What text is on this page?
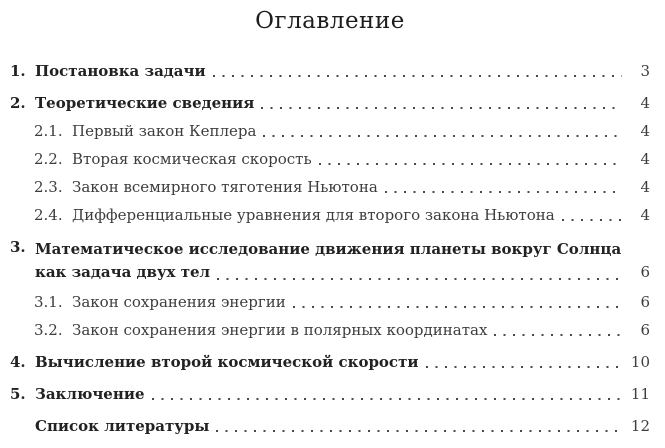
Оглавление
1. Постановка задачи	3
2. Теоретические сведения	4
2.1. Первый закон Кеплера	4
2.2. Вторая космическая скорость	4
2.3. Закон всемирного тяготения Ньютона	4
2.4. Дифференциальные уравнения для второго закона Ньютона	4
3. Математическое исследование движения планеты вокруг Солнца
как задача двух тел	6
3.1. Закон сохранения энергии	6
3.2. Закон сохранения энергии в полярных координатах	6
4. Вычисление второй космической скорости	10
5. Заключение	11
Список литературы	12
